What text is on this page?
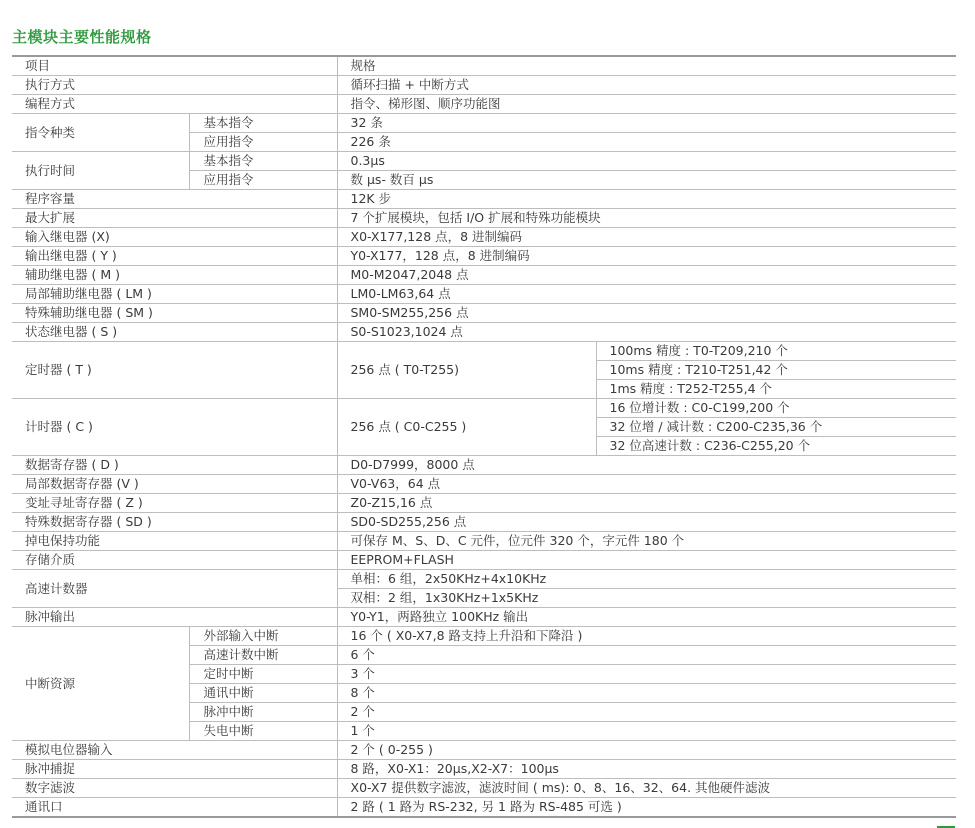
主模块主要性能规格
项目		规格	
执行方式		循环扫描 + 中断方式	
编程方式		指令、梯形图、顺序功能图	
指令种类	基本指令	32 条	
	应用指令	226 条	
执行时间	基本指令	0.3μs	
	应用指令	数 μs- 数百 μs	
程序容量		12K 步	
最大扩展		7 个扩展模块，包括 I/O 扩展和特殊功能模块	
输入继电器 (X)		X0-X177,128 点，8 进制编码	
输出继电器 ( Y )		Y0-X177，128 点，8 进制编码	
辅助继电器 ( M )		M0-M2047,2048 点	
局部辅助继电器 ( LM )		LM0-LM63,64 点	
特殊辅助继电器 ( SM )		SM0-SM255,256 点	
状态继电器 ( S )		S0-S1023,1024 点	
定时器 ( T )		256 点 ( T0-T255)	100ms 精度 : T0-T209,210 个
			10ms 精度 : T210-T251,42 个
			1ms 精度 : T252-T255,4 个
计时器 ( C )		256 点 ( C0-C255 )	16 位增计数 : C0-C199,200 个
			32 位增 / 减计数 : C200-C235,36 个
			32 位高速计数 : C236-C255,20 个
数据寄存器 ( D )		D0-D7999，8000 点	
局部数据寄存器 (V )		V0-V63，64 点	
变址寻址寄存器 ( Z )		Z0-Z15,16 点	
特殊数据寄存器 ( SD )		SD0-SD255,256 点	
掉电保持功能		可保存 M、S、D、C 元件，位元件 320 个，字元件 180 个	
存储介质		EEPROM+FLASH	
高速计数器		单相：6 组，2x50KHz+4x10KHz	
		双相：2 组，1x30KHz+1x5KHz	
脉冲输出		Y0-Y1，两路独立 100KHz 输出	
中断资源	外部输入中断	16 个 ( X0-X7,8 路支持上升沿和下降沿 )	
	高速计数中断	6 个	
	定时中断	3 个	
	通讯中断	8 个	
	脉冲中断	2 个	
	失电中断	1 个	
模拟电位器输入		2 个 ( 0-255 )	
脉冲捕捉		8 路，X0-X1：20μs,X2-X7：100μs	
数字滤波		X0-X7 提供数字滤波，滤波时间 ( ms): 0、8、16、32、64. 其他硬件滤波	
通讯口		2 路 ( 1 路为 RS-232, 另 1 路为 RS-485 可选 )	
